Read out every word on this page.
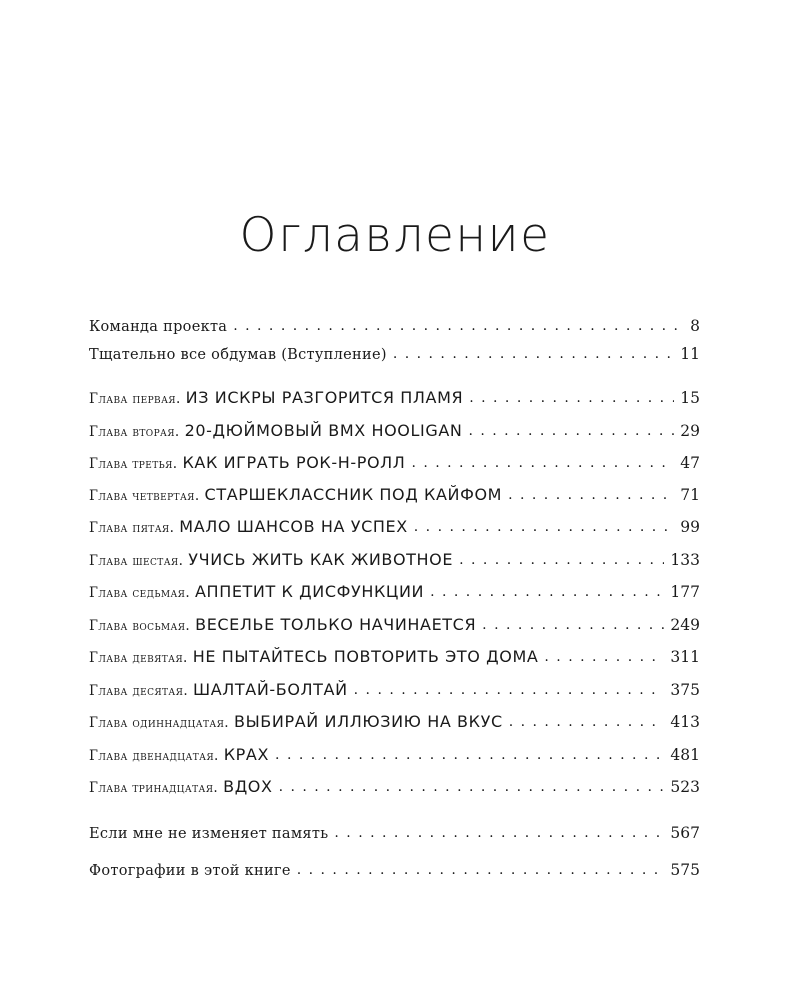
Оглавление
Команда проекта . . .	8
Тщательно все обдумав (Вступление) . . .	11
Глава первая. ИЗ ИСКРЫ РАЗГОРИТСЯ ПЛАМЯ . . .	15
Глава вторая. 20-ДЮЙМОВЫЙ BMX HOOLIGAN . . .	29
Глава третья. КАК ИГРАТЬ РОК-Н-РОЛЛ . . .	47
Глава четвертая. СТАРШЕКЛАССНИК ПОД КАЙФОМ . . .	71
Глава пятая. МАЛО ШАНСОВ НА УСПЕХ . . .	99
Глава шестая. УЧИСЬ ЖИТЬ КАК ЖИВОТНОЕ . . .	133
Глава седьмая. АППЕТИТ К ДИСФУНКЦИИ . . .	177
Глава восьмая. ВЕСЕЛЬЕ ТОЛЬКО НАЧИНАЕТСЯ . . .	249
Глава девятая. НЕ ПЫТАЙТЕСЬ ПОВТОРИТЬ ЭТО ДОМА . . .	311
Глава десятая. ШАЛТАЙ-БОЛТАЙ . . .	375
Глава одиннадцатая. ВЫБИРАЙ ИЛЛЮЗИЮ НА ВКУС . . .	413
Глава двенадцатая. КРАХ . . .	481
Глава тринадцатая. ВДОХ . . .	523
Если мне не изменяет память . . .	567
Фотографии в этой книге . . .	575
